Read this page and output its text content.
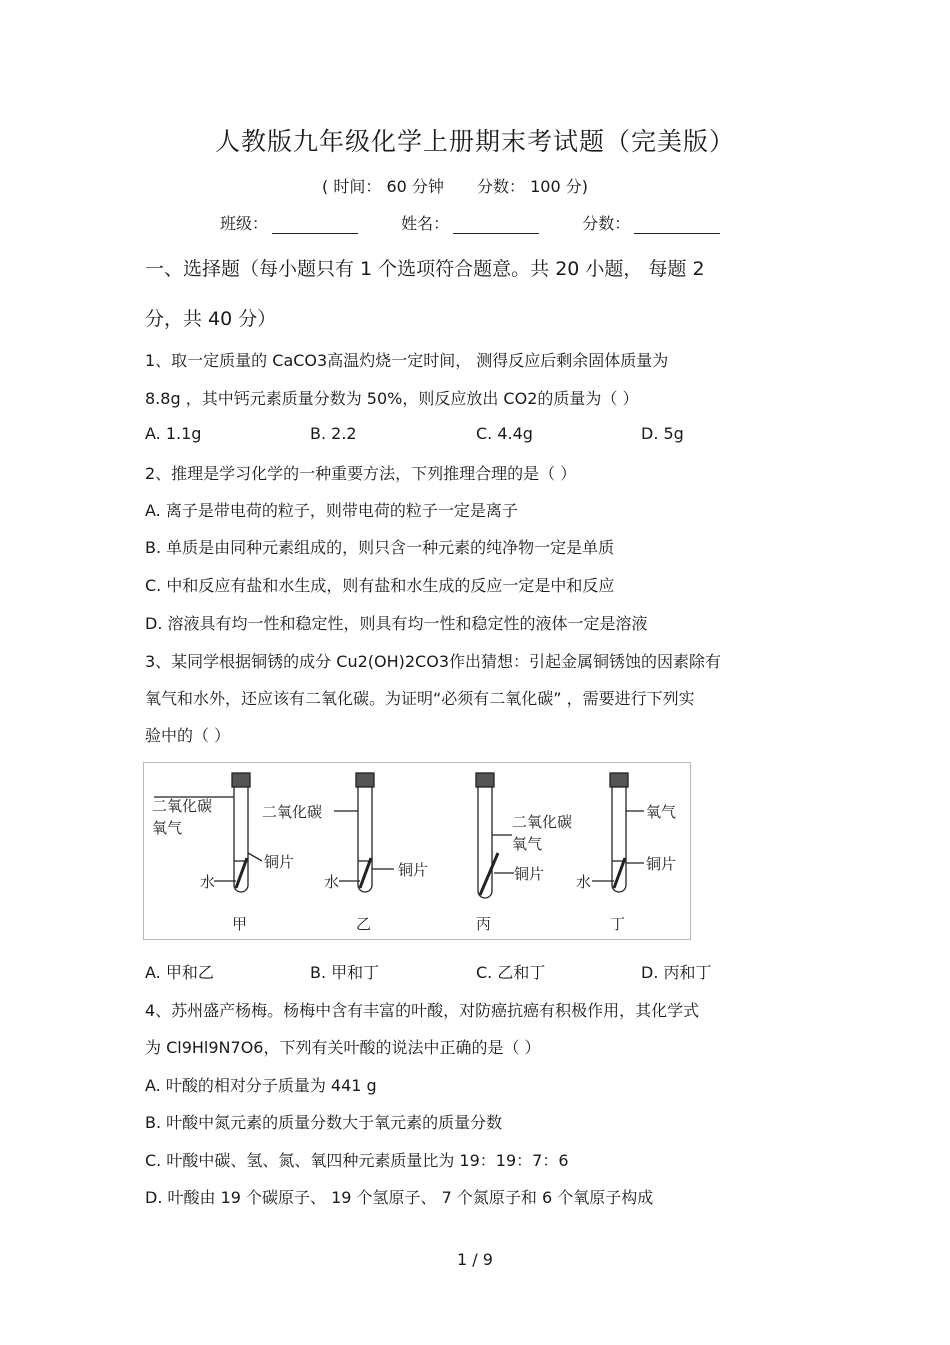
人教版九年级化学上册期末考试题（完美版）
( 时间： 60 分钟 分数： 100 分)
班级：	姓名：	分数：
一、选择题（每小题只有 1 个选项符合题意。共 20 小题， 每题 2
分，共 40 分）
1、取一定质量的 CaCO3高温灼烧一定时间， 测得反应后剩余固体质量为
8.8g ，其中钙元素质量分数为 50%，则反应放出 CO2的质量为（ ）
A. 1.1g	B. 2.2	C. 4.4g	D. 5g
2、推理是学习化学的一种重要方法，下列推理合理的是（ ）
A. 离子是带电荷的粒子，则带电荷的粒子一定是离子
B. 单质是由同种元素组成的，则只含一种元素的纯净物一定是单质
C. 中和反应有盐和水生成，则有盐和水生成的反应一定是中和反应
D. 溶液具有均一性和稳定性，则具有均一性和稳定性的液体一定是溶液
3、某同学根据铜锈的成分 Cu2(OH)2CO3作出猜想：引起金属铜锈蚀的因素除有
氧气和水外，还应该有二氧化碳。为证明“必须有二氧化碳” ，需要进行下列实
验中的（ ）
二氧化碳
氧气
铜片
水
甲
二氧化碳
铜片
水
乙
二氧化碳
氧气
铜片
丙
氧气
铜片
水
丁
A. 甲和乙	B. 甲和丁	C. 乙和丁	D. 丙和丁
4、苏州盛产杨梅。杨梅中含有丰富的叶酸，对防癌抗癌有积极作用，其化学式
为 Cl9Hl9N7O6，下列有关叶酸的说法中正确的是（ ）
A. 叶酸的相对分子质量为 441 g
B. 叶酸中氮元素的质量分数大于氧元素的质量分数
C. 叶酸中碳、氢、氮、氧四种元素质量比为 19：19：7：6
D. 叶酸由 19 个碳原子、 19 个氢原子、 7 个氮原子和 6 个氧原子构成
1 / 9
